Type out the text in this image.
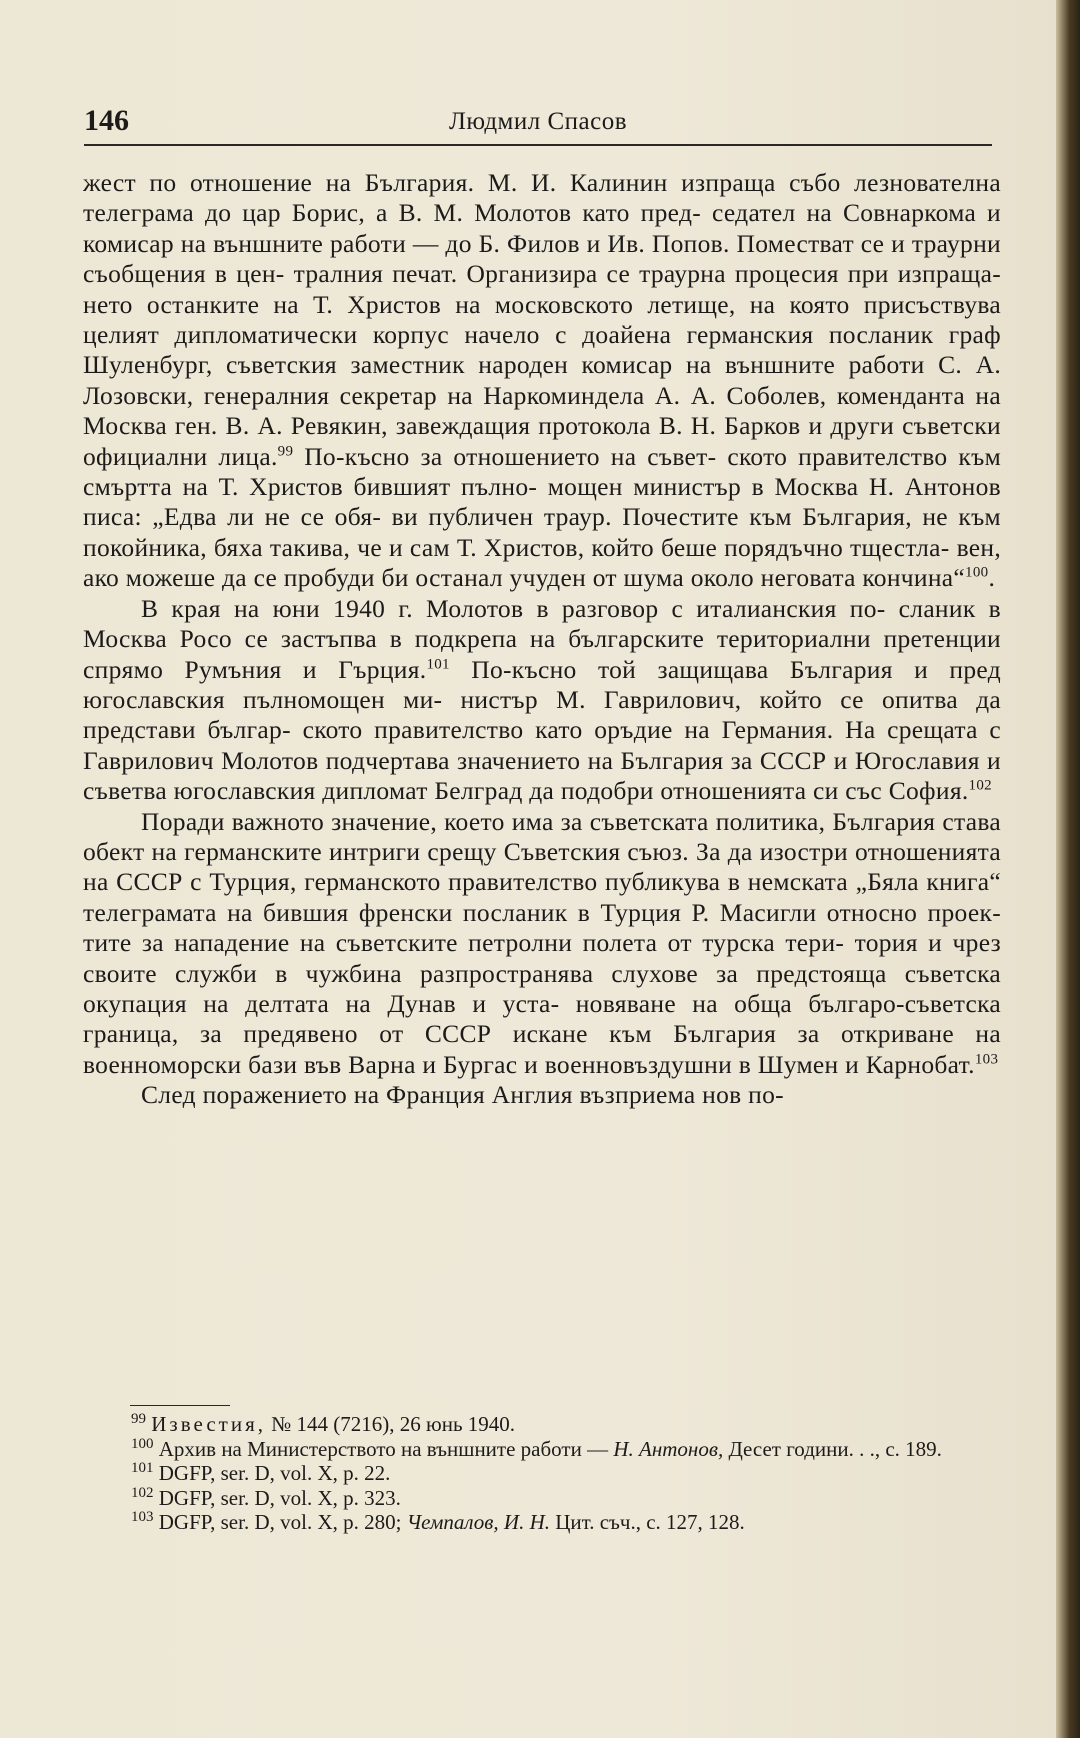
146	Людмил Спасов

жест по отношение на България. М. И. Калинин изпраща събо лезнователна телеграма до цар Борис, а В. М. Молотов като пред- седател на Совнаркома и комисар на външните работи — до Б. Филов и Ив. Попов. Поместват се и траурни съобщения в цен- тралния печат. Организира се траурна процесия при изпраща- нето останките на Т. Христов на московското летище, на която присъствува целият дипломатически корпус начело с доайена германския посланик граф Шуленбург, съветския заместник народен комисар на външните работи С. А. Лозовски, генералния секретар на Наркоминдела А. А. Соболев, коменданта на Москва ген. В. А. Ревякин, завеждащия протокола В. Н. Барков и други съветски официални лица.$^{99}$ По-късно за отношението на съвет- ското правителство към смъртта на Т. Христов бившият пълно- мощен министър в Москва Н. Антонов писа: „Едва ли не се обя- ви публичен траур. Почестите към България, не към покойника, бяха такива, че и сам Т. Христов, който беше порядъчно тщестла- вен, ако можеше да се пробуди би останал учуден от шума около неговата кончина“$^{100}$.

В края на юни 1940 г. Молотов в разговор с италианския по- сланик в Москва Росо се застъпва в подкрепа на българските териториални претенции спрямо Румъния и Гърция.$^{101}$ По-късно той защищава България и пред югославския пълномощен ми- нистър М. Гаврилович, който се опитва да представи българ- ското правителство като оръдие на Германия. На срещата с Гаврилович Молотов подчертава значението на България за СССР и Югославия и съветва югославския дипломат Белград да подобри отношенията си със София.$^{102}$

Поради важното значение, което има за съветската политика, България става обект на германските интриги срещу Съветския съюз. За да изостри отношенията на СССР с Турция, германското правителство публикува в немската „Бяла книга“ телеграмата на бившия френски посланик в Турция Р. Масигли относно проек- тите за нападение на съветските петролни полета от турска тери- тория и чрез своите служби в чужбина разпространява слухове за предстояща съветска окупация на делтата на Дунав и уста- новяване на обща българо-съветска граница, за предявено от СССР искане към България за откриване на военноморски бази във Варна и Бургас и военновъздушни в Шумен и Карнобат.$^{103}$

След поражението на Франция Англия възприема нов по-

$^{99}$ Известия, № 144 (7216), 26 юнь 1940.

$^{100}$ Архив на Министерството на външните работи — Н. Антонов, Десет години. . ., с. 189.

$^{101}$ DGFP, ser. D, vol. X, p. 22.

$^{102}$ DGFP, ser. D, vol. X, p. 323.

$^{103}$ DGFP, ser. D, vol. X, p. 280; Чемпалов, И. Н. Цит. съч., с. 127, 128.
